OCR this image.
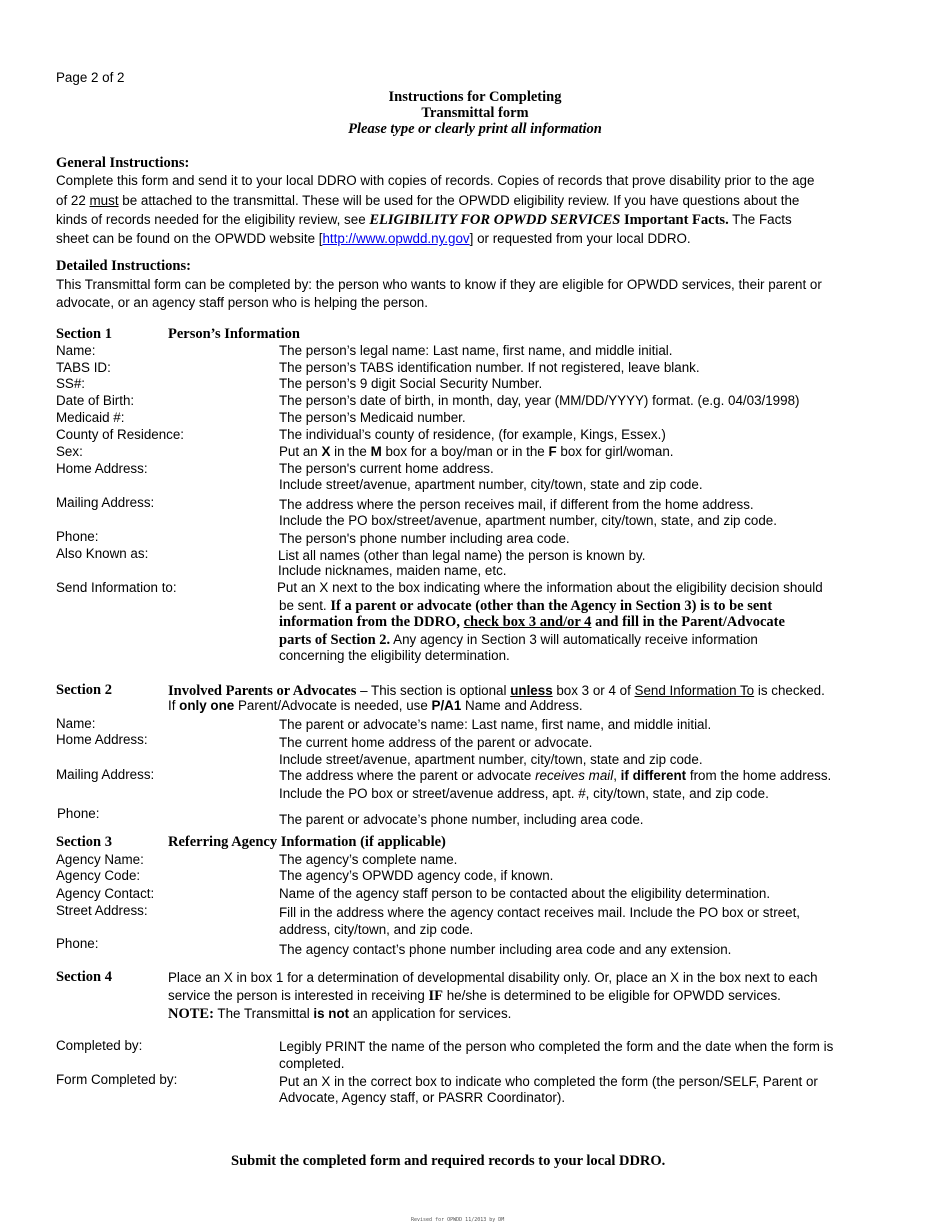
Page 2 of 2
Instructions for Completing
Transmittal form
Please type or clearly print all information
General Instructions:
Complete this form and send it to your local DDRO with copies of records. Copies of records that prove disability prior to the age
of 22 must be attached to the transmittal. These will be used for the OPWDD eligibility review. If you have questions about the
kinds of records needed for the eligibility review, see ELIGIBILITY FOR OPWDD SERVICES Important Facts. The Facts
sheet can be found on the OPWDD website [http://www.opwdd.ny.gov] or requested from your local DDRO.
Detailed Instructions:
This Transmittal form can be completed by: the person who wants to know if they are eligible for OPWDD services, their parent or
advocate, or an agency staff person who is helping the person.
Section 1	Person’s Information
Name:	The person’s legal name: Last name, first name, and middle initial.
TABS ID:	The person’s TABS identification number. If not registered, leave blank.
SS#:	The person’s 9 digit Social Security Number.
Date of Birth:	The person’s date of birth, in month, day, year (MM/DD/YYYY) format. (e.g. 04/03/1998)
Medicaid #:	The person’s Medicaid number.
County of Residence:	The individual’s county of residence, (for example, Kings, Essex.)
Sex:	Put an X in the M box for a boy/man or in the F box for girl/woman.
Home Address:	The person's current home address.
Include street/avenue, apartment number, city/town, state and zip code.
Mailing Address:	The address where the person receives mail, if different from the home address.
Include the PO box/street/avenue, apartment number, city/town, state, and zip code.
Phone:	The person's phone number including area code.
Also Known as:	List all names (other than legal name) the person is known by.
Include nicknames, maiden name, etc.
Send Information to:	Put an X next to the box indicating where the information about the eligibility decision should
be sent. If a parent or advocate (other than the Agency in Section 3) is to be sent
information from the DDRO, check box 3 and/or 4 and fill in the Parent/Advocate
parts of Section 2. Any agency in Section 3 will automatically receive information
concerning the eligibility determination.
Section 2	Involved Parents or Advocates – This section is optional unless box 3 or 4 of Send Information To is checked.
If only one Parent/Advocate is needed, use P/A1 Name and Address.
Name:	The parent or advocate’s name: Last name, first name, and middle initial.
Home Address:	The current home address of the parent or advocate.
Include street/avenue, apartment number, city/town, state and zip code.
Mailing Address:	The address where the parent or advocate receives mail, if different from the home address.
Include the PO box or street/avenue address, apt. #, city/town, state, and zip code.
Phone:	The parent or advocate’s phone number, including area code.
Section 3	Referring Agency Information (if applicable)
Agency Name:	The agency’s complete name.
Agency Code:	The agency’s OPWDD agency code, if known.
Agency Contact:	Name of the agency staff person to be contacted about the eligibility determination.
Street Address:	Fill in the address where the agency contact receives mail. Include the PO box or street,
address, city/town, and zip code.
Phone:	The agency contact’s phone number including area code and any extension.
Section 4	Place an X in box 1 for a determination of developmental disability only. Or, place an X in the box next to each
service the person is interested in receiving IF he/she is determined to be eligible for OPWDD services.
NOTE: The Transmittal is not an application for services.
Completed by:	Legibly PRINT the name of the person who completed the form and the date when the form is
completed.
Form Completed by:	Put an X in the correct box to indicate who completed the form (the person/SELF, Parent or
Advocate, Agency staff, or PASRR Coordinator).
Submit the completed form and required records to your local DDRO.
Revised for OPWDD 11/2013 by DM
